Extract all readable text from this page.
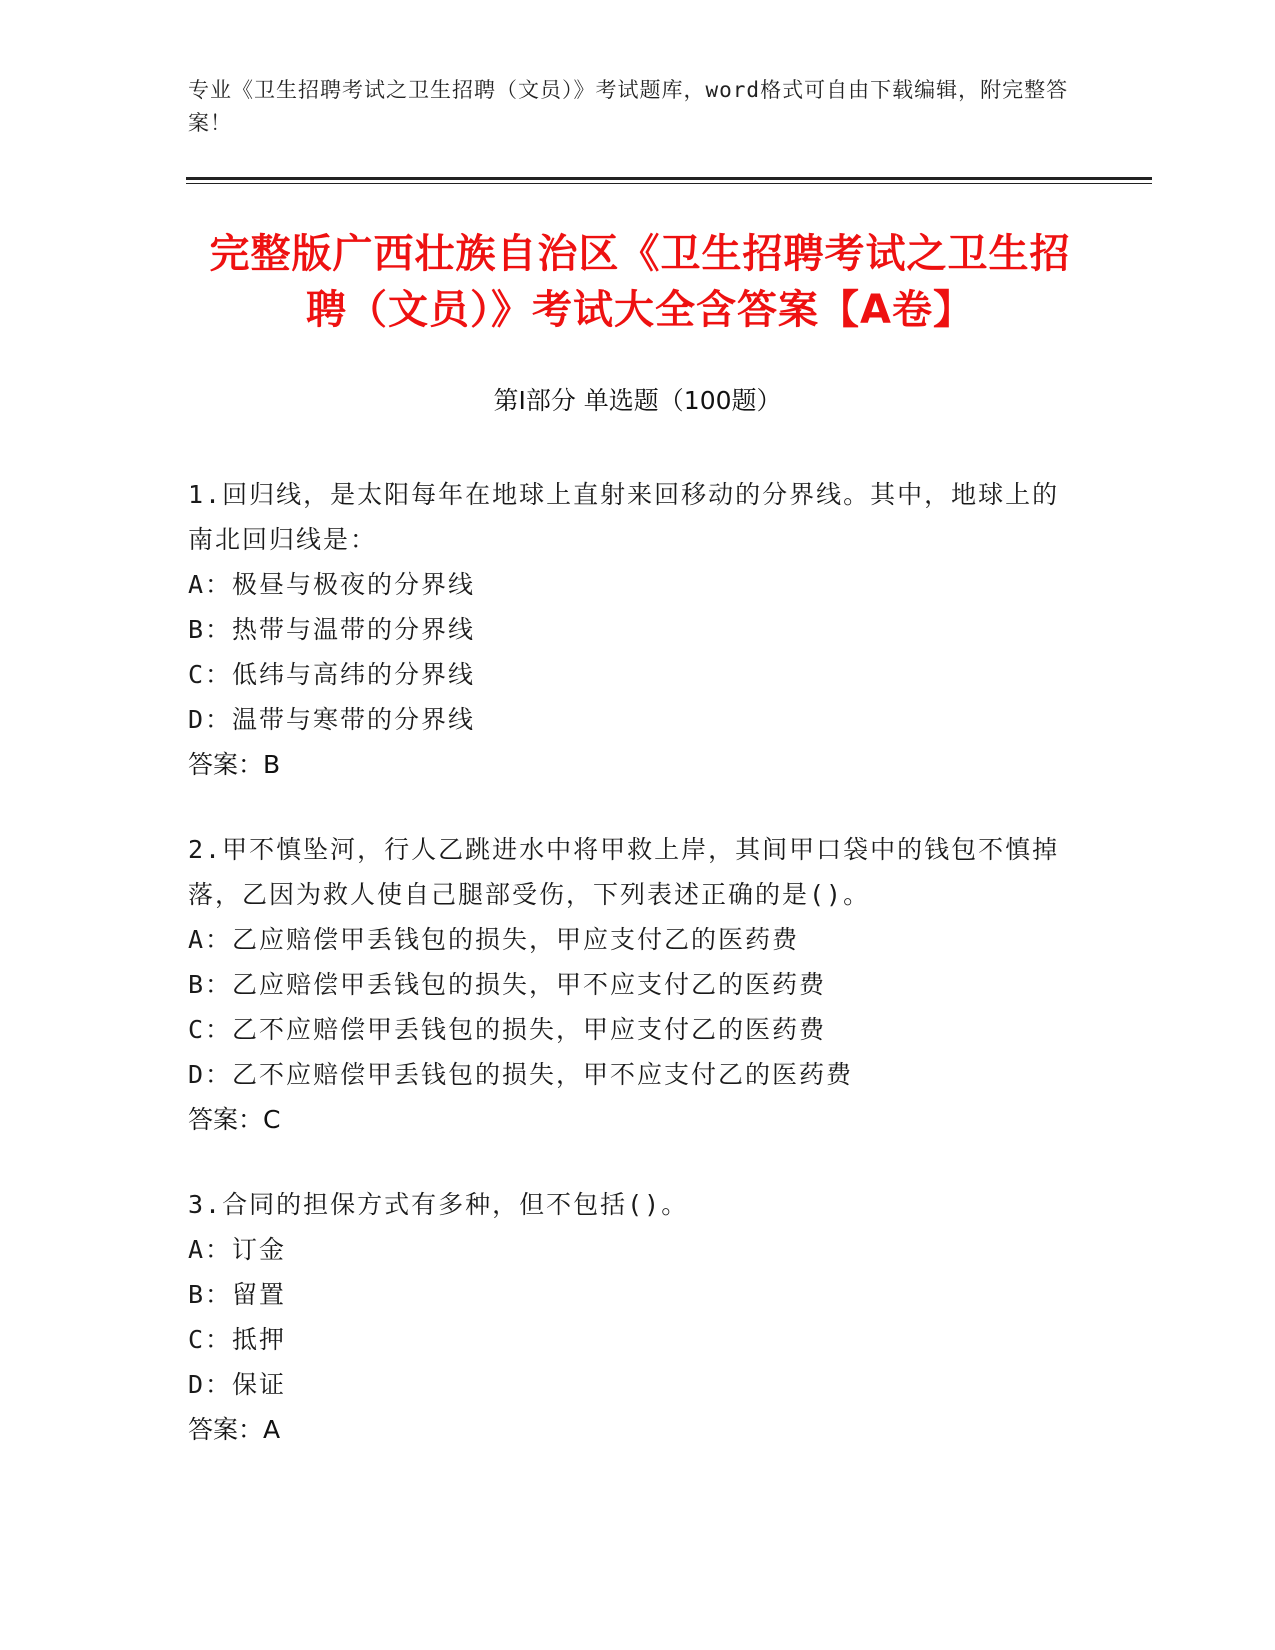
专业《卫生招聘考试之卫生招聘（文员）》考试题库，word格式可自由下载编辑，附完整答案！
完整版广西壮族自治区《卫生招聘考试之卫生招聘（文员）》考试大全含答案【A卷】
第Ⅰ部分 单选题（100题）
1.回归线，是太阳每年在地球上直射来回移动的分界线。其中，地球上的南北回归线是：
A：极昼与极夜的分界线
B：热带与温带的分界线
C：低纬与高纬的分界线
D：温带与寒带的分界线
答案：B
2.甲不慎坠河，行人乙跳进水中将甲救上岸，其间甲口袋中的钱包不慎掉落，乙因为救人使自己腿部受伤，下列表述正确的是()。
A：乙应赔偿甲丢钱包的损失，甲应支付乙的医药费
B：乙应赔偿甲丢钱包的损失，甲不应支付乙的医药费
C：乙不应赔偿甲丢钱包的损失，甲应支付乙的医药费
D：乙不应赔偿甲丢钱包的损失，甲不应支付乙的医药费
答案：C
3.合同的担保方式有多种，但不包括()。
A：订金
B：留置
C：抵押
D：保证
答案：A
